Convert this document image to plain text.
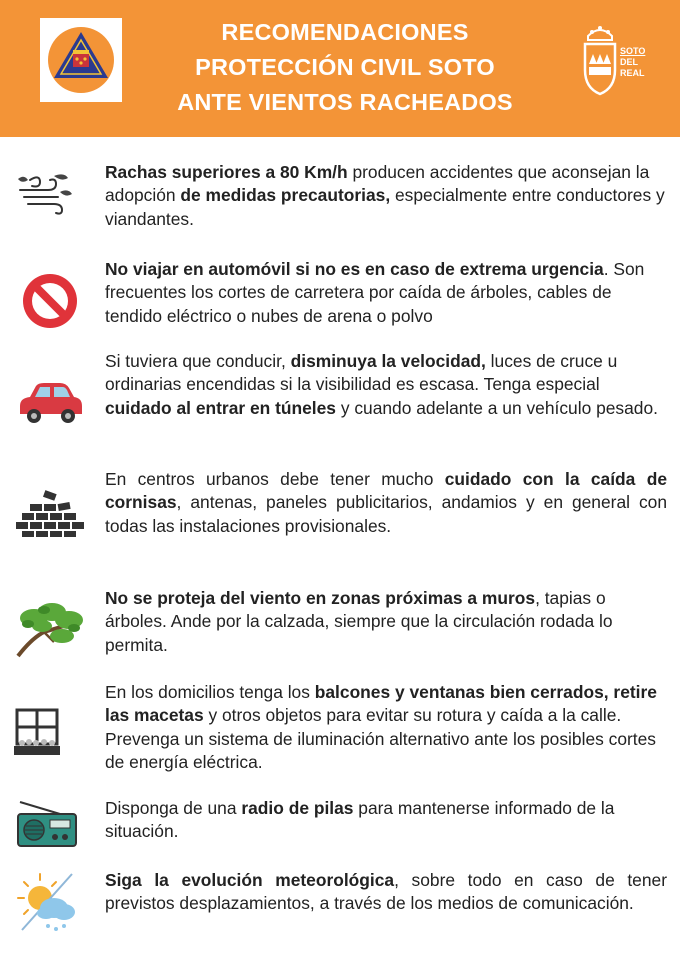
RECOMENDACIONES
PROTECCIÓN CIVIL SOTO
ANTE VIENTOS RACHEADOS
SOTO
DEL
REAL
Rachas superiores a 80 Km/h producen accidentes que aconsejan la adopción de medidas precautorias, especialmente entre conductores y viandantes.
No viajar en automóvil si no es en caso de extrema urgencia. Son frecuentes los cortes de carretera por caída de árboles, cables de tendido eléctrico o nubes de arena o polvo
Si tuviera que conducir, disminuya la velocidad, luces de cruce u ordinarias encendidas si la visibilidad es escasa. Tenga especial cuidado al entrar en túneles y cuando adelante a un vehículo pesado.
En centros urbanos debe tener mucho cuidado con la caída de cornisas, antenas, paneles publicitarios, andamios y en general con todas las instalaciones provisionales.
No se proteja del viento en zonas próximas a muros, tapias o árboles. Ande por la calzada, siempre que la circulación rodada lo permita.
En los domicilios tenga los balcones y ventanas bien cerrados, retire las macetas y otros objetos para evitar su rotura y caída a la calle. Prevenga un sistema de iluminación alternativo ante los posibles cortes de energía eléctrica.
Disponga de una radio de pilas para mantenerse informado de la situación.
Siga la evolución meteorológica, sobre todo en caso de tener previstos desplazamientos, a través de los medios de comunicación.
